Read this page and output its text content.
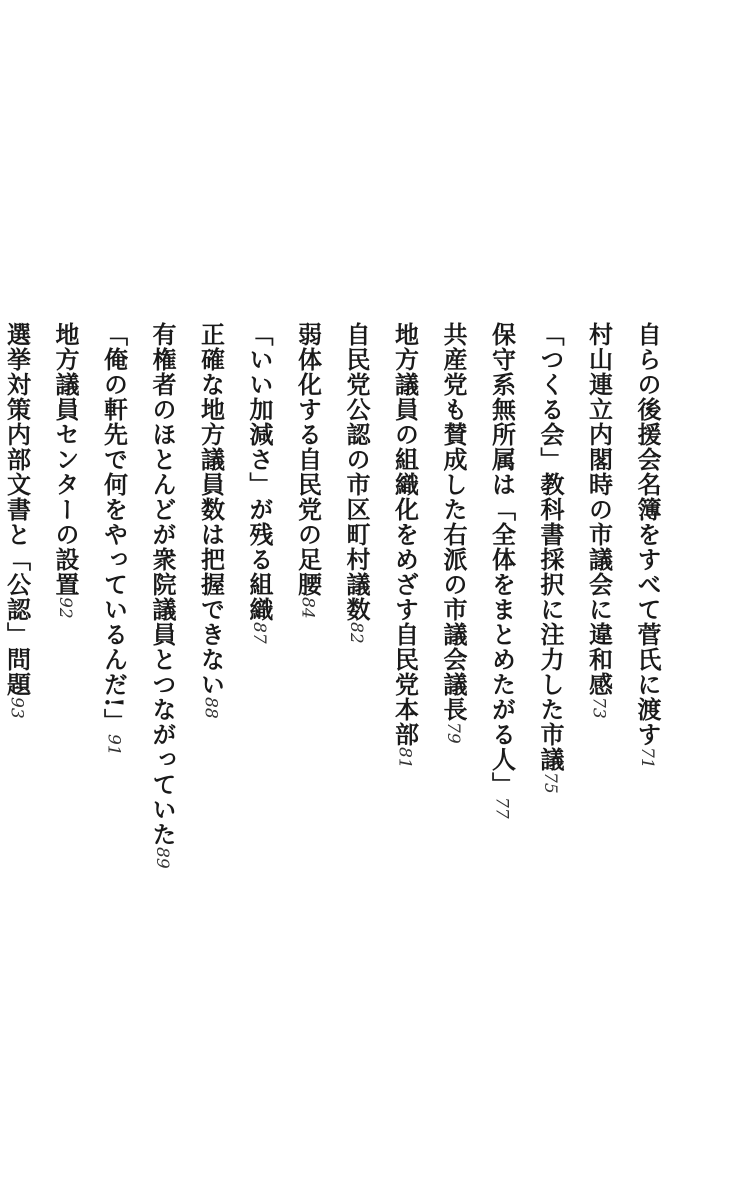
自らの後援会名簿をすべて菅氏に渡す71

村山連立内閣時の市議会に違和感73

「つくる会」教科書採択に注力した市議75

保守系無所属は「全体をまとめたがる人」77

共産党も賛成した右派の市議会議長79

地方議員の組織化をめざす自民党本部81

自民党公認の市区町村議数82

弱体化する自民党の足腰84

「いい加減さ」が残る組織87

正確な地方議員数は把握できない88

有権者のほとんどが衆院議員とつながっていた89

「俺の軒先で何をやっているんだ!」91

地方議員センターの設置92

選挙対策内部文書と「公認」問題93
